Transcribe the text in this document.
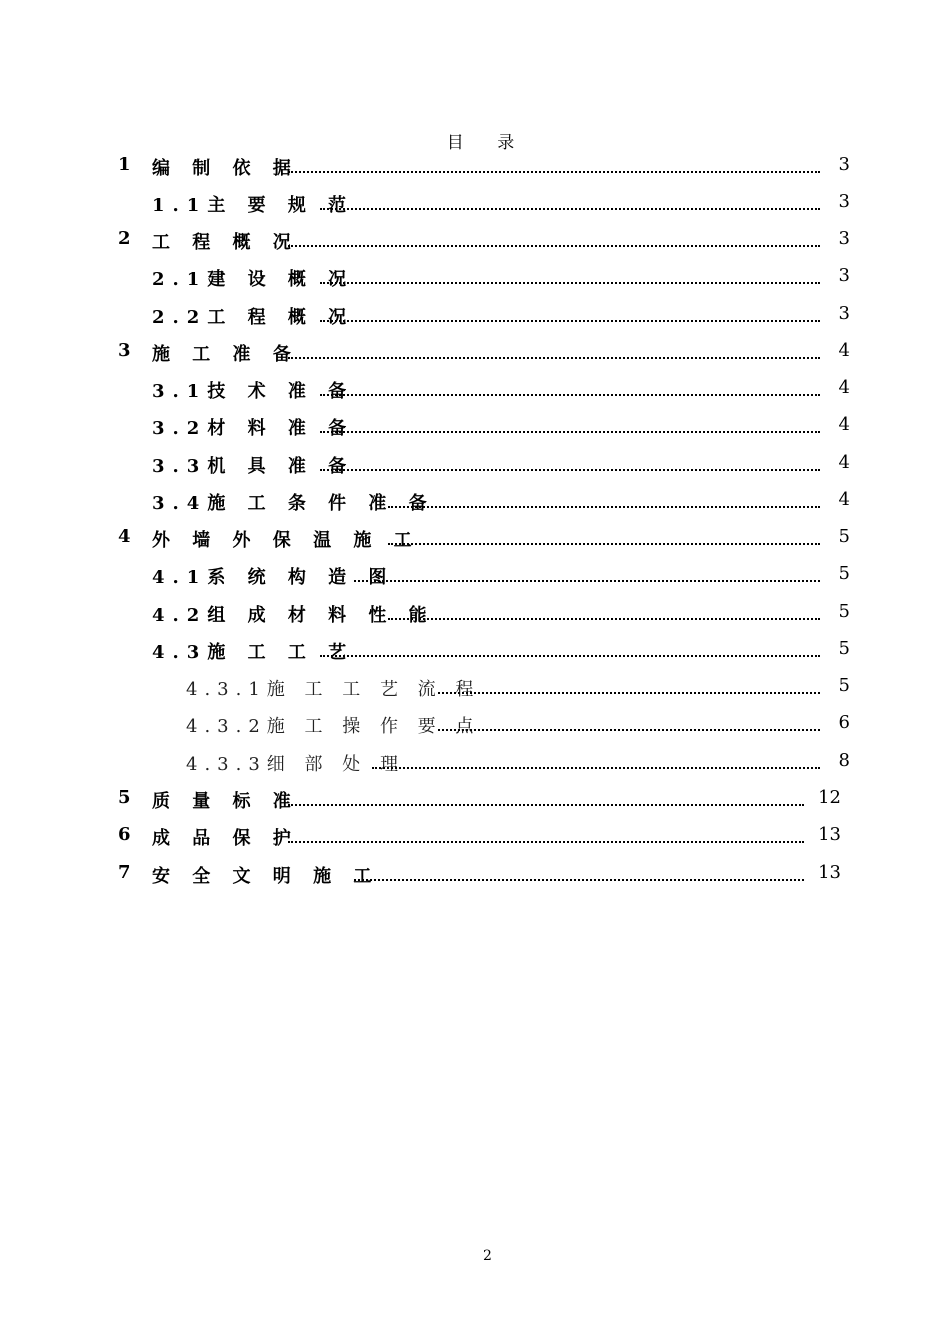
目 录
1 编 制 依 据	3
1.1主 要 规 范	3
2 工 程 概 况	3
2.1建 设 概 况	3
2.2工 程 概 况	3
3 施 工 准 备	4
3.1技 术 准 备	4
3.2材 料 准 备	4
3.3机 具 准 备	4
3.4施 工 条 件 准 备	4
4 外 墙 外 保 温 施 工	5
4.1系 统 构 造 图	5
4.2组 成 材 料 性 能	5
4.3施 工 工 艺	5
4.3.1施 工 工 艺 流 程	5
4.3.2施 工 操 作 要 点	6
4.3.3细 部 处 理	8
5 质 量 标 准	12
6 成 品 保 护	13
7 安 全 文 明 施 工	13
2
